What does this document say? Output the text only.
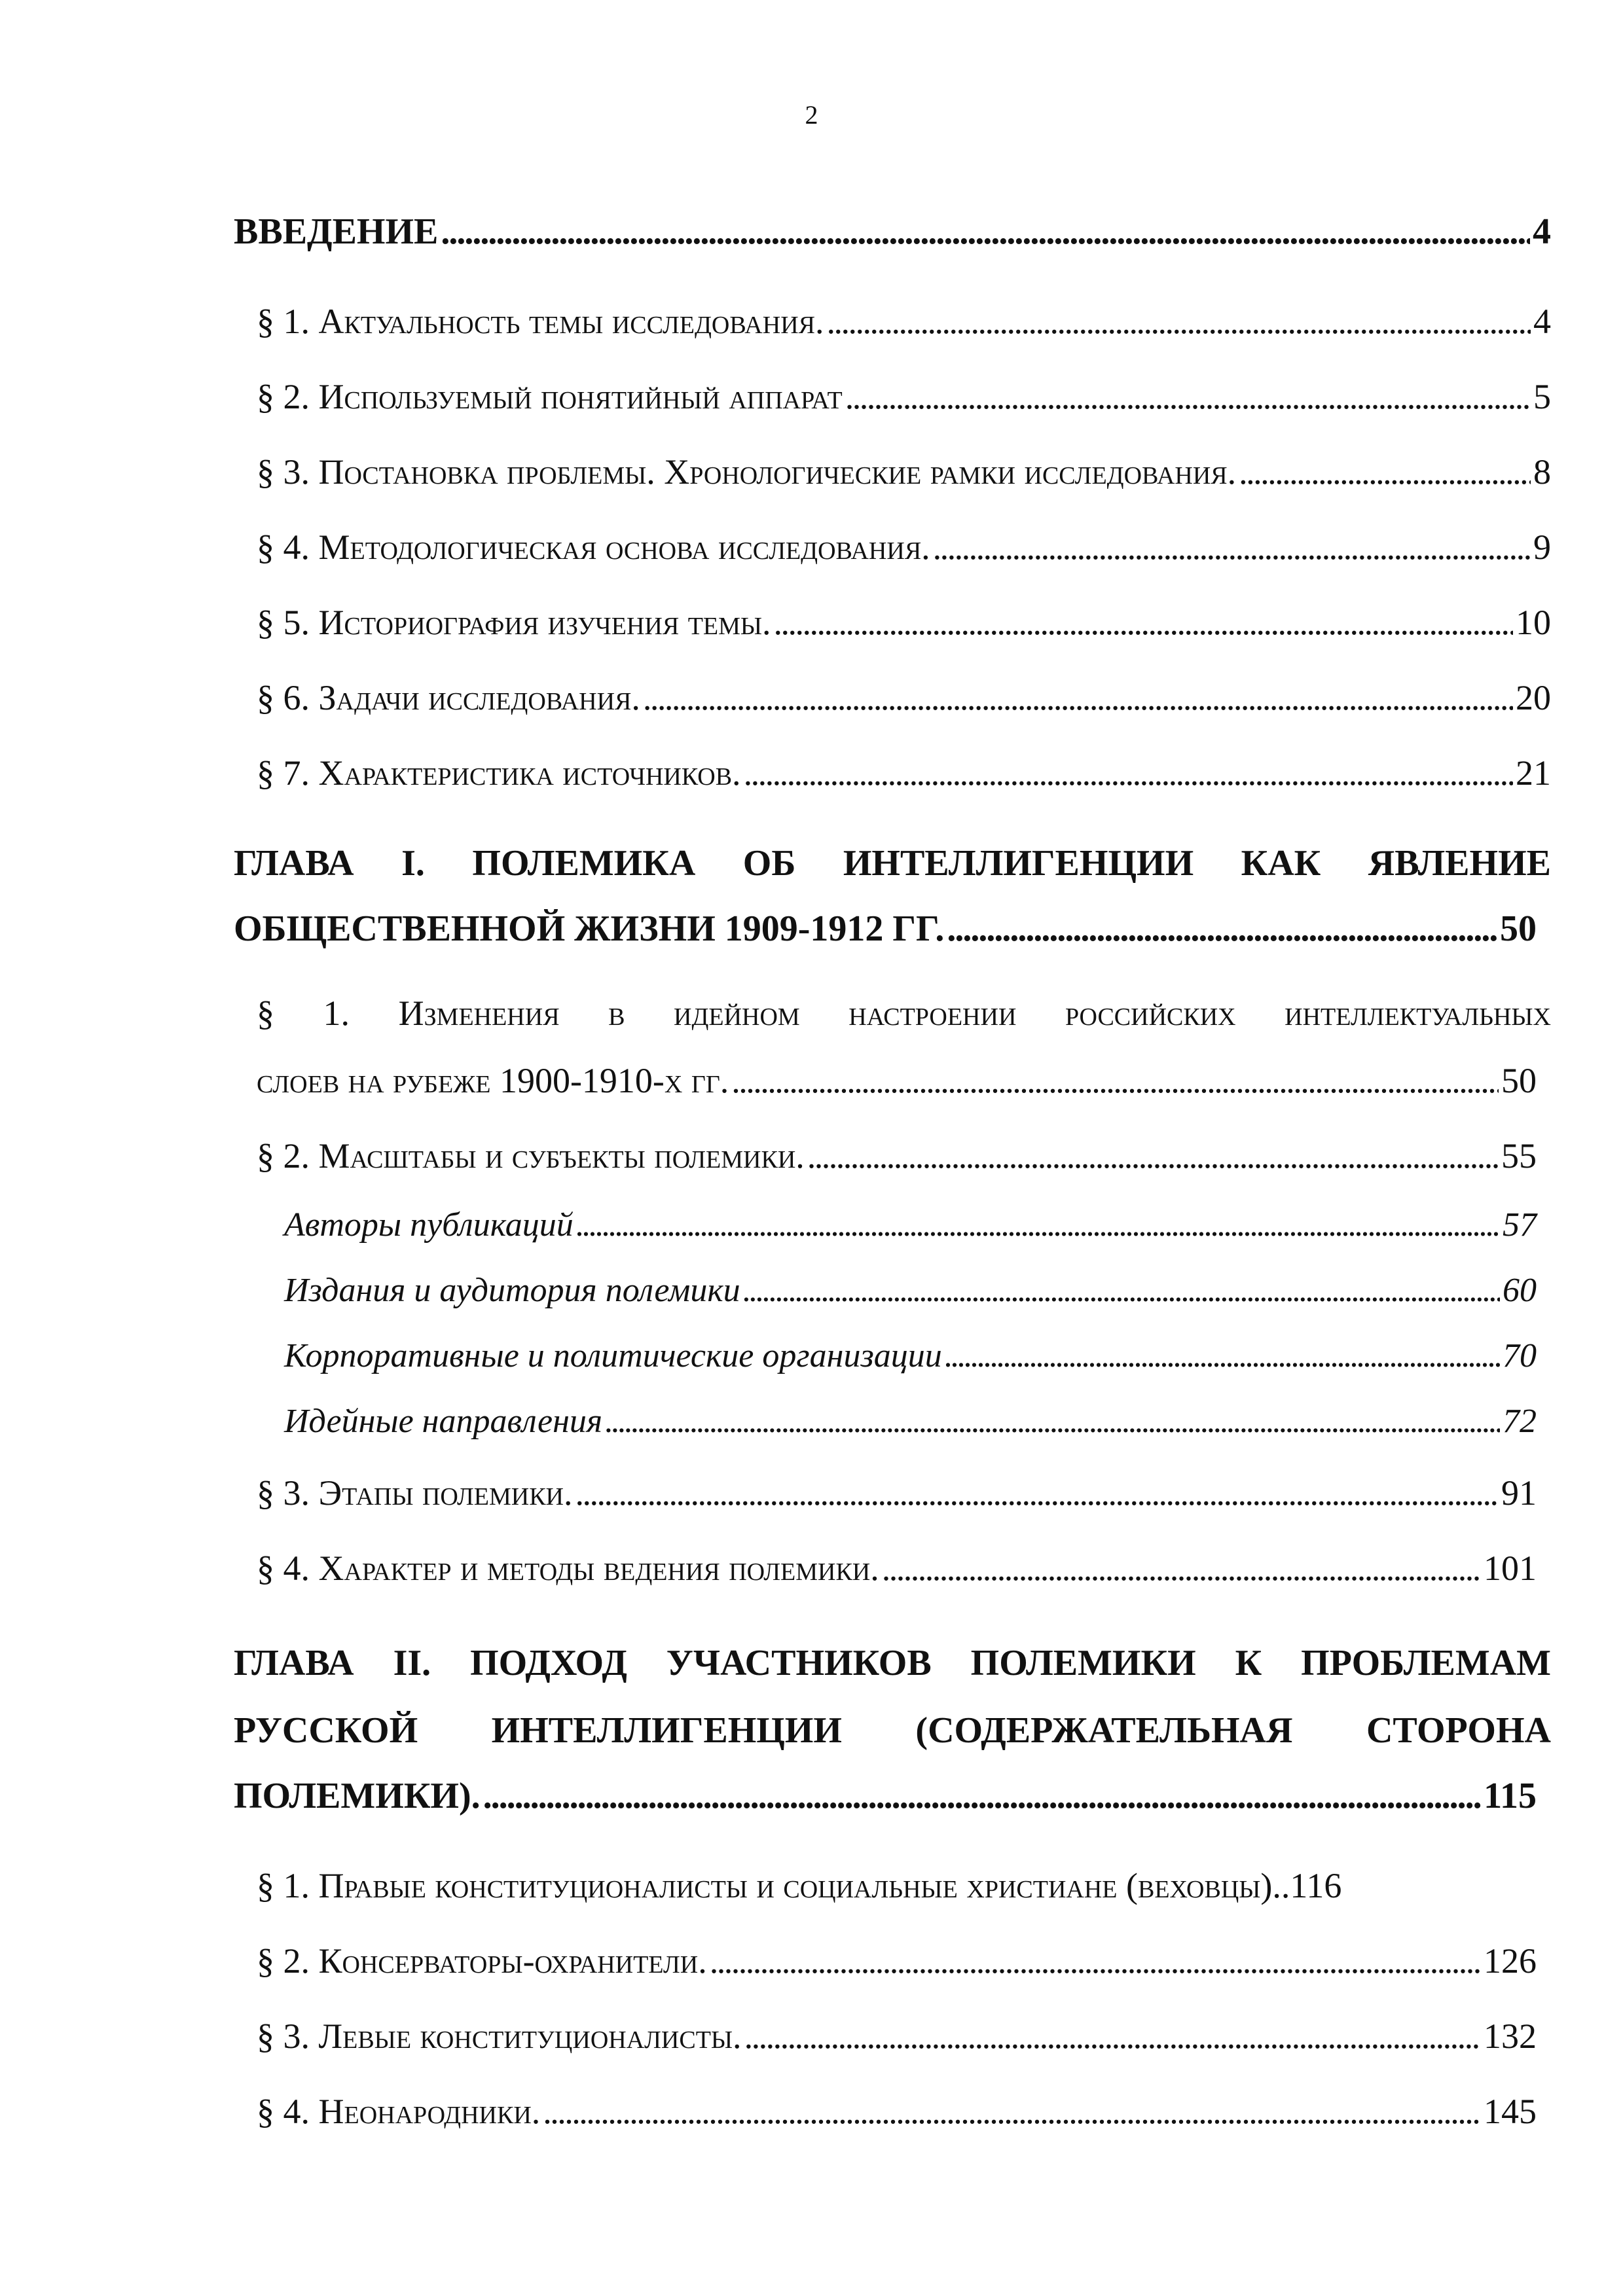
2
ВВЕДЕНИЕ . . .	4
§ 1. Актуальность темы исследования. . . .	4
§ 2. Используемый понятийный аппарат . . .	5
§ 3. Постановка проблемы. Хронологические рамки исследования. . . .	8
§ 4. Методологическая основа исследования. . . .	9
§ 5. Историография изучения темы. . . .	10
§ 6. Задачи исследования. . . .	20
§ 7. Характеристика источников. . . .	21
ГЛАВА I. ПОЛЕМИКА ОБ ИНТЕЛЛИГЕНЦИИ КАК ЯВЛЕНИЕ
ОБЩЕСТВЕННОЙ ЖИЗНИ 1909-1912 ГГ. . . .	50
§ 1. Изменения в идейном настроении российских интеллектуальных
слоев на рубеже 1900-1910-х гг. . . .	50
§ 2. Масштабы и субъекты полемики. . . .	55
Авторы публикаций . . .	57
Издания и аудитория полемики . . .	60
Корпоративные и политические организации . . .	70
Идейные направления . . .	72
§ 3. Этапы полемики. . . .	91
§ 4. Характер и методы ведения полемики. . . .	101
ГЛАВА II. ПОДХОД УЧАСТНИКОВ ПОЛЕМИКИ К ПРОБЛЕМАМ
РУССКОЙ ИНТЕЛЛИГЕНЦИИ (СОДЕРЖАТЕЛЬНАЯ СТОРОНА
ПОЛЕМИКИ). . . .	115
§ 1. Правые конституционалисты и социальные христиане (веховцы).. 116
§ 2. Консерваторы-охранители. . . .	126
§ 3. Левые конституционалисты. . . .	132
§ 4. Неонародники. . . .	145
